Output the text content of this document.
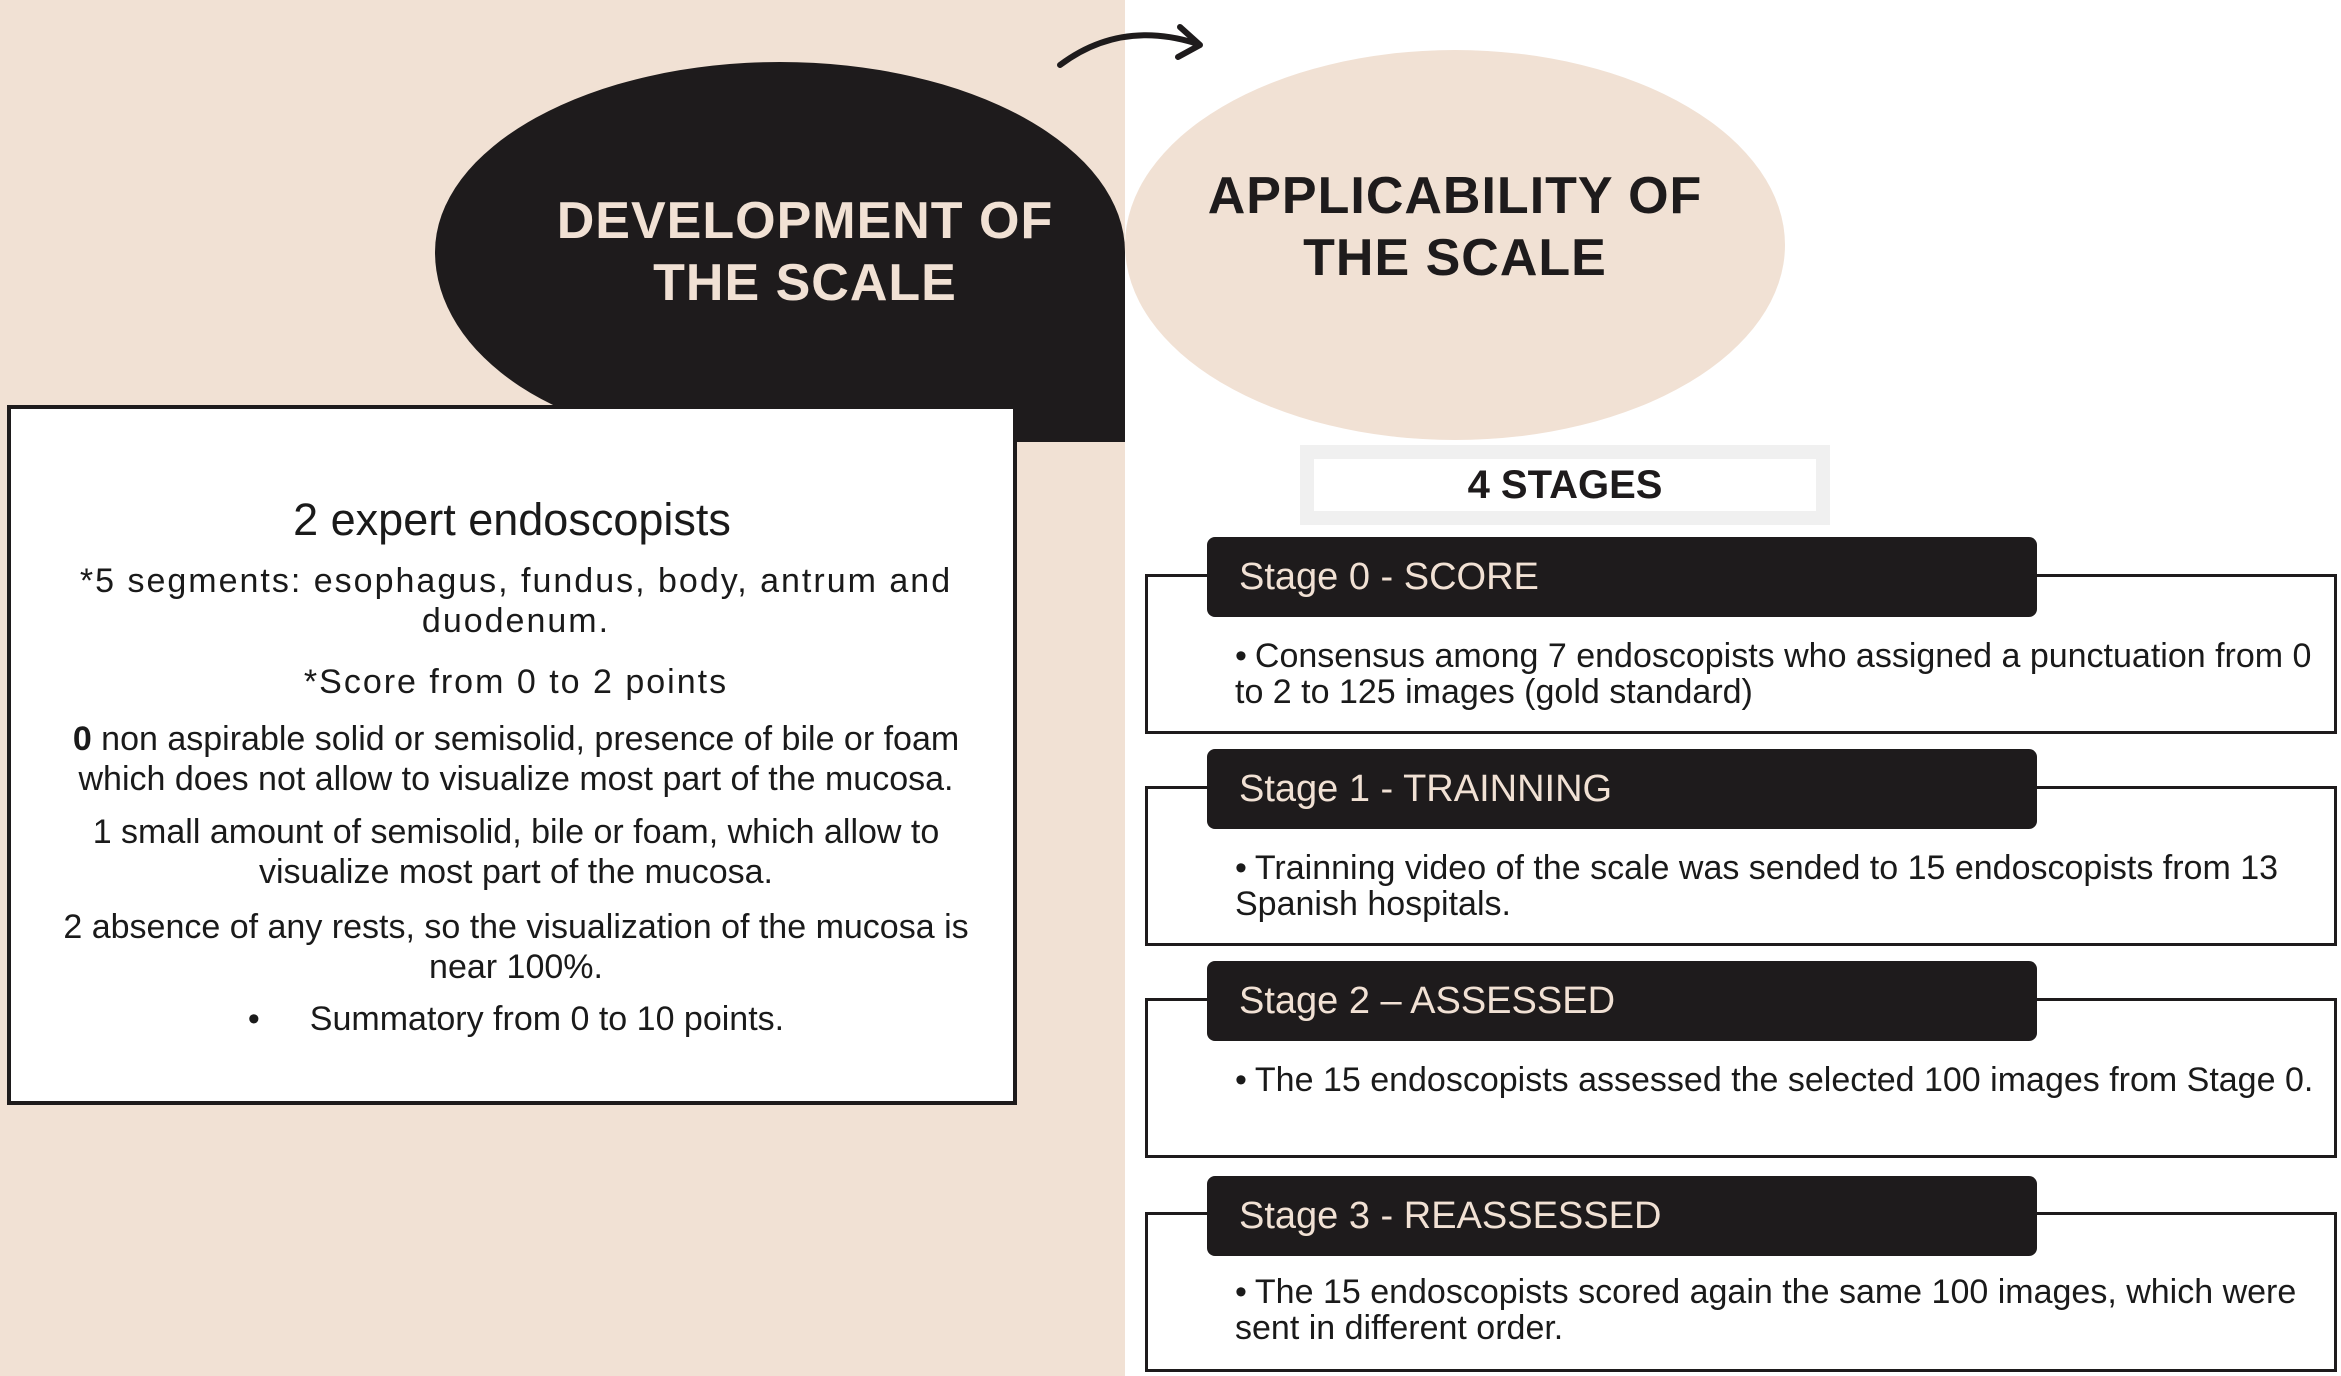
DEVELOPMENT OF THE SCALE
APPLICABILITY OF THE SCALE

2 expert endoscopists

*5 segments: esophagus, fundus, body, antrum and duodenum.

*Score from 0 to 2 points

0 non aspirable solid or semisolid, presence of bile or foam which does not allow to visualize most part of the mucosa.

1 small amount of semisolid, bile or foam, which allow to visualize most part of the mucosa.

2 absence of any rests, so the visualization of the mucosa is near 100%.

• Summatory from 0 to 10 points.

4 STAGES
Stage 0 - SCORE

• Consensus among 7 endoscopists who assigned a punctuation from 0 to 2 to 125 images (gold standard)

Stage 1 - TRAINNING

• Trainning video of the scale was sended to 15 endoscopists from 13 Spanish hospitals.

Stage 2 – ASSESSED

• The 15 endoscopists assessed the selected 100 images from Stage 0.

Stage 3 - REASSESSED

• The 15 endoscopists scored again the same 100 images, which were sent in different order.
